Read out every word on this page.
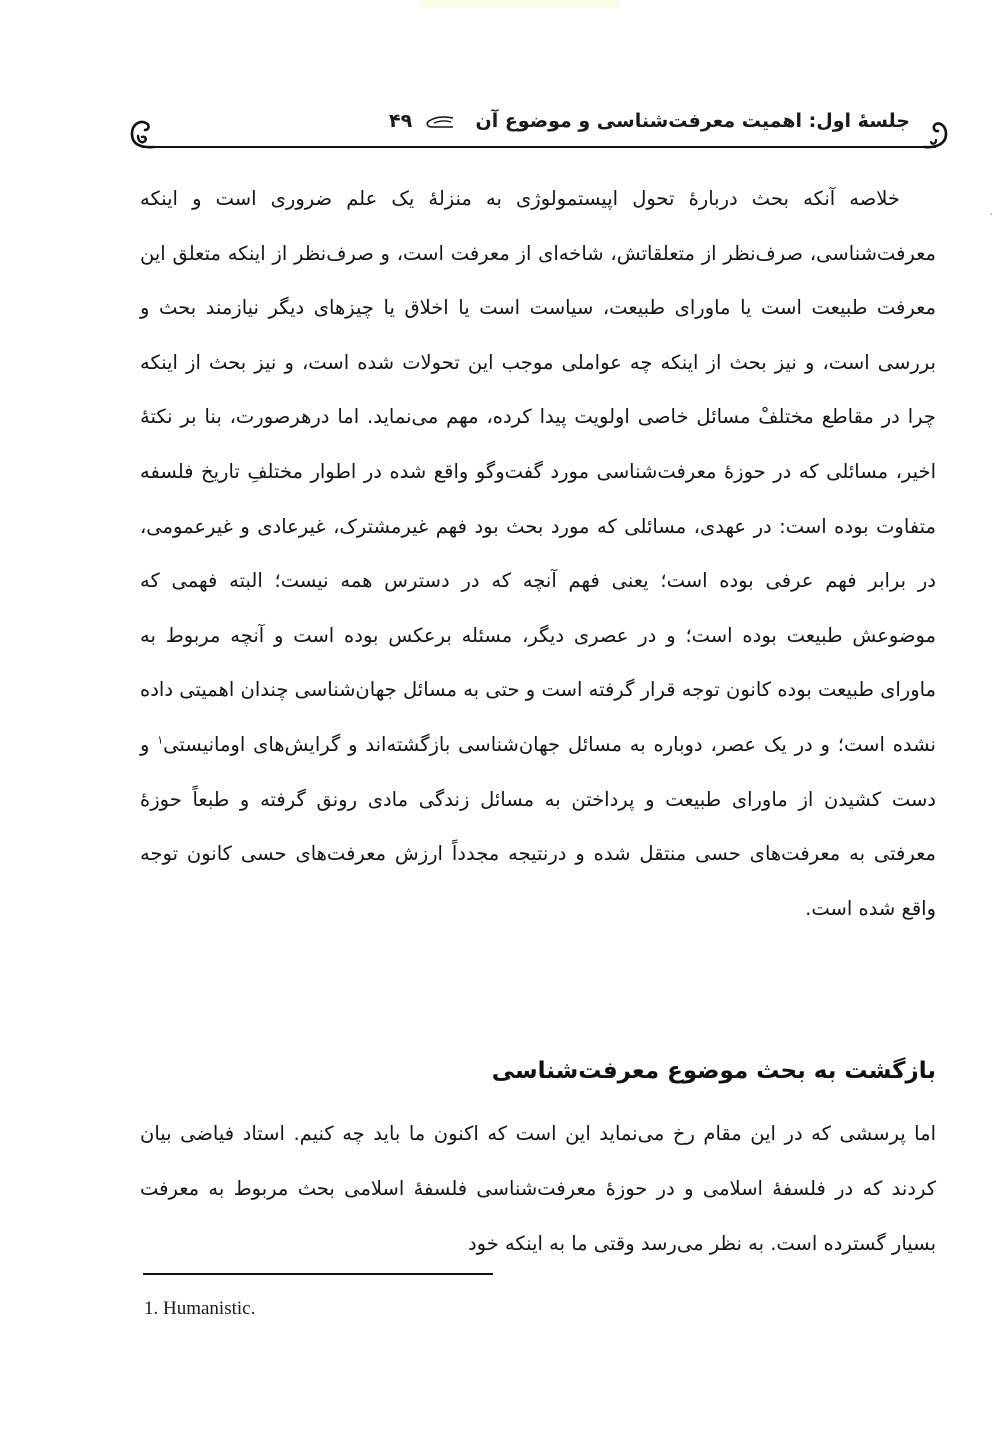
جلسهٔ اول: اهمیت معرفت‌شناسی و موضوع آن  ۴۹

خلاصه آنکه بحث دربارهٔ تحول اپیستمولوژی به منزلهٔ یک علم ضروری است و اینکه معرفت‌شناسی، صرف‌نظر از متعلقاتش، شاخه‌ای از معرفت است، و صرف‌نظر از اینکه متعلق این معرفت طبیعت است یا ماورای طبیعت، سیاست است یا اخلاق یا چیزهای دیگر نیازمند بحث و بررسی است، و نیز بحث از اینکه چه عواملی موجب این تحولات شده است، و نیز بحث از اینکه چرا در مقاطع مختلفْ مسائل خاصی اولویت پیدا کرده، مهم می‌نماید. اما درهرصورت، بنا بر نکتهٔ اخیر، مسائلی که در حوزهٔ معرفت‌شناسی مورد گفت‌وگو واقع شده در اطوار مختلفِ تاریخ فلسفه متفاوت بوده است: در عهدی، مسائلی که مورد بحث بود فهم غیرمشترک، غیرعادی و غیرعمومی، در برابر فهم عرفی بوده است؛ یعنی فهم آنچه که در دسترس همه نیست؛ البته فهمی که موضوعش طبیعت بوده است؛ و در عصری دیگر، مسئله برعکس بوده است و آنچه مربوط به ماورای طبیعت بوده کانون توجه قرار گرفته است و حتی به مسائل جهان‌شناسی چندان اهمیتی داده نشده است؛ و در یک عصر، دوباره به مسائل جهان‌شناسی بازگشته‌اند و گرایش‌های اومانیستی$^۱$ و دست کشیدن از ماورای طبیعت و پرداختن به مسائل زندگی مادی رونق گرفته و طبعاً حوزهٔ معرفتی به معرفت‌های حسی منتقل شده و درنتیجه مجدداً ارزش معرفت‌های حسی کانون توجه واقع شده است.

بازگشت به بحث موضوع معرفت‌شناسی

اما پرسشی که در این مقام رخ می‌نماید این است که اکنون ما باید چه کنیم. استاد فیاضی بیان کردند که در فلسفهٔ اسلامی و در حوزهٔ معرفت‌شناسی فلسفهٔ اسلامی بحث مربوط به معرفت بسیار گسترده است. به نظر می‌رسد وقتی ما به اینکه خود

1. Humanistic.
